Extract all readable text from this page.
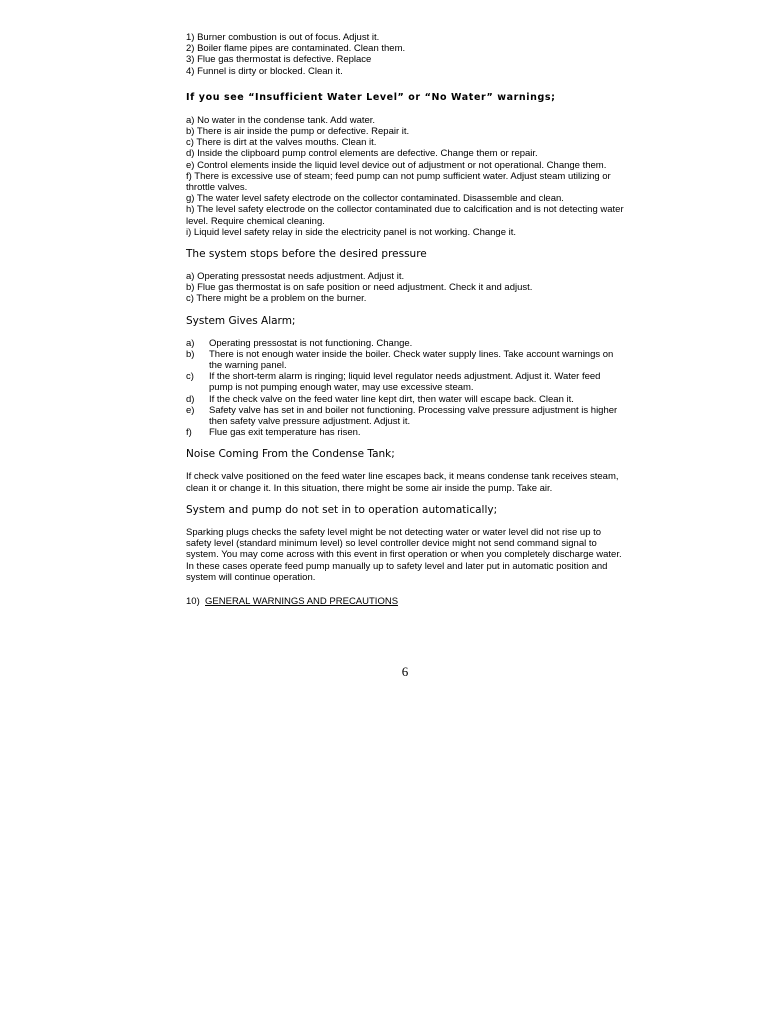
1) Burner combustion is out of focus. Adjust it.

2) Boiler flame pipes are contaminated. Clean them.

3) Flue gas thermostat is defective. Replace

4) Funnel is dirty or blocked. Clean it.

If you see “Insufficient Water Level” or “No Water” warnings;

a) No water in the condense tank. Add water.

b) There is air inside the pump or defective. Repair it.

c) There is dirt at the valves mouths. Clean it.

d) Inside the clipboard pump control elements are defective. Change them or repair.

e) Control elements inside the liquid level device out of adjustment or not operational. Change them.

f) There is excessive use of steam; feed pump can not pump sufficient water. Adjust steam utilizing or throttle valves.

g) The water level safety electrode on the collector contaminated. Disassemble and clean.

h) The level safety electrode on the collector contaminated due to calcification and is not detecting water level. Require chemical cleaning.

i) Liquid level safety relay in side the electricity panel is not working. Change it.

The system stops before the desired pressure

a) Operating pressostat needs adjustment. Adjust it.

b) Flue gas thermostat is on safe position or need adjustment. Check it and adjust.

c) There might be a problem on the burner.

System Gives Alarm;

a)	Operating pressostat is not functioning. Change.
b)	There is not enough water inside the boiler. Check water supply lines. Take account warnings on the warning panel.
c)	If the short-term alarm is ringing; liquid level regulator needs adjustment. Adjust it. Water feed pump is not pumping enough water, may use excessive steam.
d)	If the check valve on the feed water line kept dirt, then water will escape back. Clean it.
e)	Safety valve has set in and boiler not functioning. Processing valve pressure adjustment is higher then safety valve pressure adjustment. Adjust it.
f)	Flue gas exit temperature has risen.

Noise Coming From the Condense Tank;

If check valve positioned on the feed water line escapes back, it means condense tank receives steam, clean it or change it. In this situation, there might be some air inside the pump. Take air.

System and pump do not set in to operation automatically;

Sparking plugs checks the safety level might be not detecting water or water level did not rise up to safety level (standard minimum level) so level controller device might not send command signal to system. You may come across with this event in first operation or when you completely discharge water. In these cases operate feed pump manually up to safety level and later put in automatic position and system will continue operation.

10) GENERAL WARNINGS AND PRECAUTIONS

6
